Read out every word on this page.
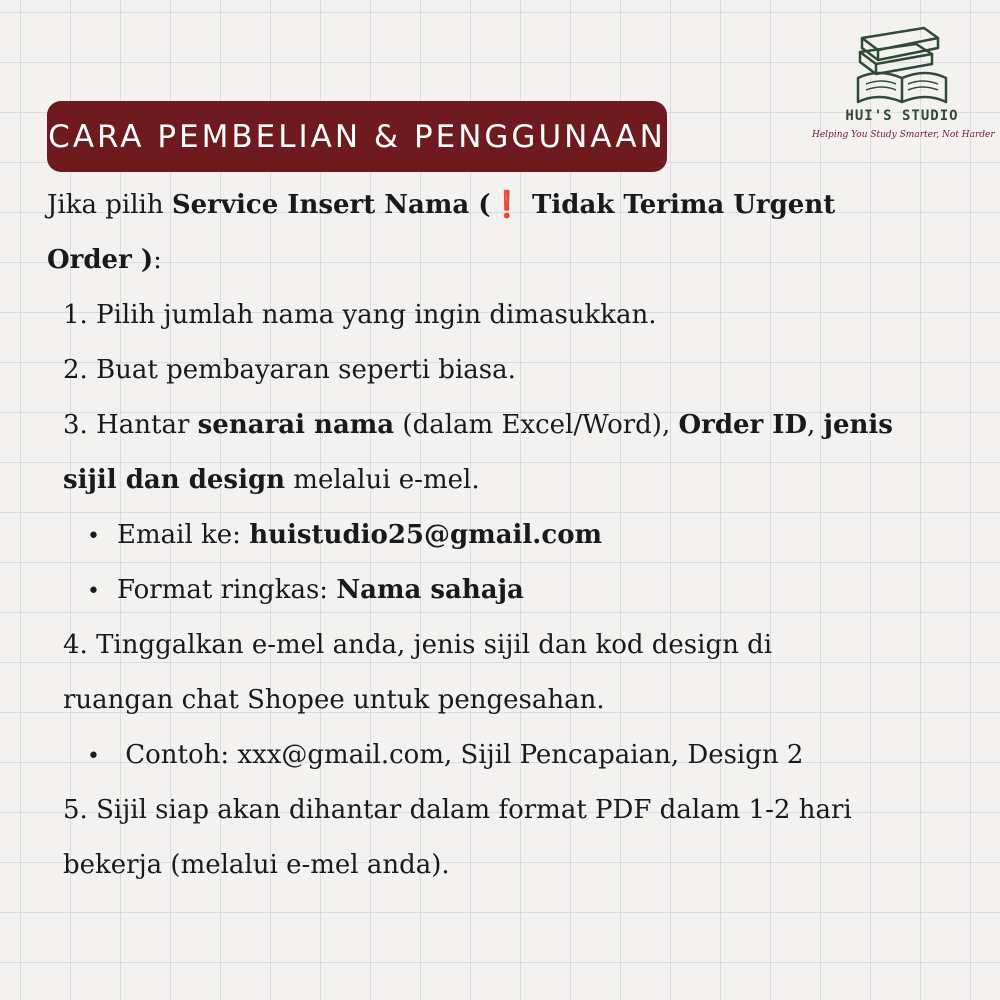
CARA PEMBELIAN & PENGGUNAAN
HUI'S STUDIO
Helping You Study Smarter, Not Harder
Jika pilih Service Insert Nama (❗ Tidak Terima Urgent
Order ):
1. Pilih jumlah nama yang ingin dimasukkan.
2. Buat pembayaran seperti biasa.
3. Hantar senarai nama (dalam Excel/Word), Order ID, jenis
sijil dan design melalui e-mel.
• Email ke: huistudio25@gmail.com
• Format ringkas: Nama sahaja
4. Tinggalkan e-mel anda, jenis sijil dan kod design di
ruangan chat Shopee untuk pengesahan.
• Contoh: xxx@gmail.com, Sijil Pencapaian, Design 2
5. Sijil siap akan dihantar dalam format PDF dalam 1-2 hari
bekerja (melalui e-mel anda).
